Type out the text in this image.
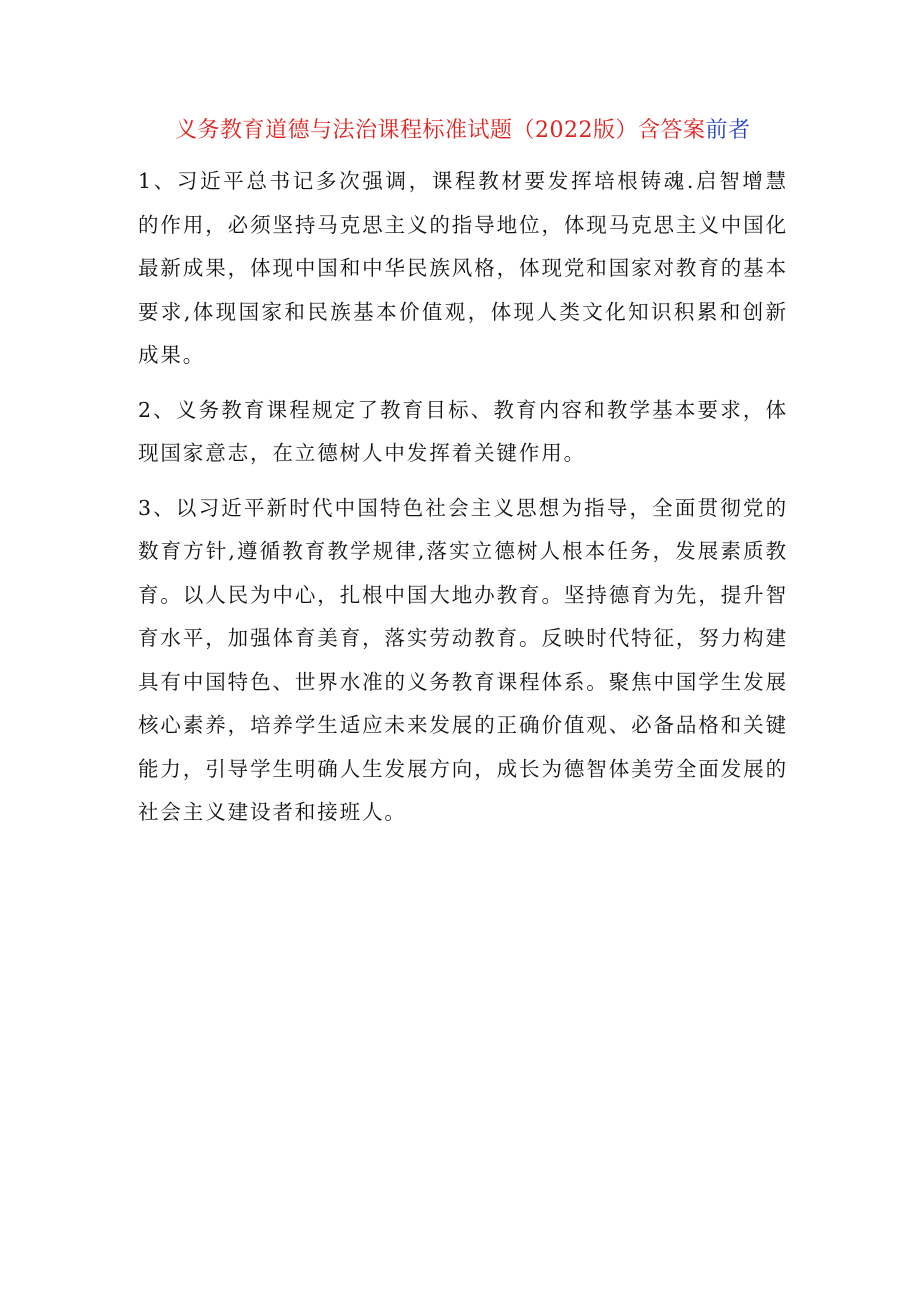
义务教育道德与法治课程标准试题（2022版）含答案前者

1、习近平总书记多次强调，课程教材要发挥培根铸魂.启智增慧的作用，必须坚持马克思主义的指导地位，体现马克思主义中国化最新成果，体现中国和中华民族风格，体现党和国家对教育的基本要求,体现国家和民族基本价值观，体现人类文化知识积累和创新成果。

2、义务教育课程规定了教育目标、教育内容和教学基本要求，体现国家意志，在立德树人中发挥着关键作用。

3、以习近平新时代中国特色社会主义思想为指导，全面贯彻党的数育方针,遵循教育教学规律,落实立德树人根本任务，发展素质教育。以人民为中心，扎根中国大地办教育。坚持德育为先，提升智育水平，加强体育美育，落实劳动教育。反映时代特征，努力构建具有中国特色、世界水准的义务教育课程体系。聚焦中国学生发展核心素养，培养学生适应未来发展的正确价值观、必备品格和关键能力，引导学生明确人生发展方向，成长为德智体美劳全面发展的社会主义建设者和接班人。
